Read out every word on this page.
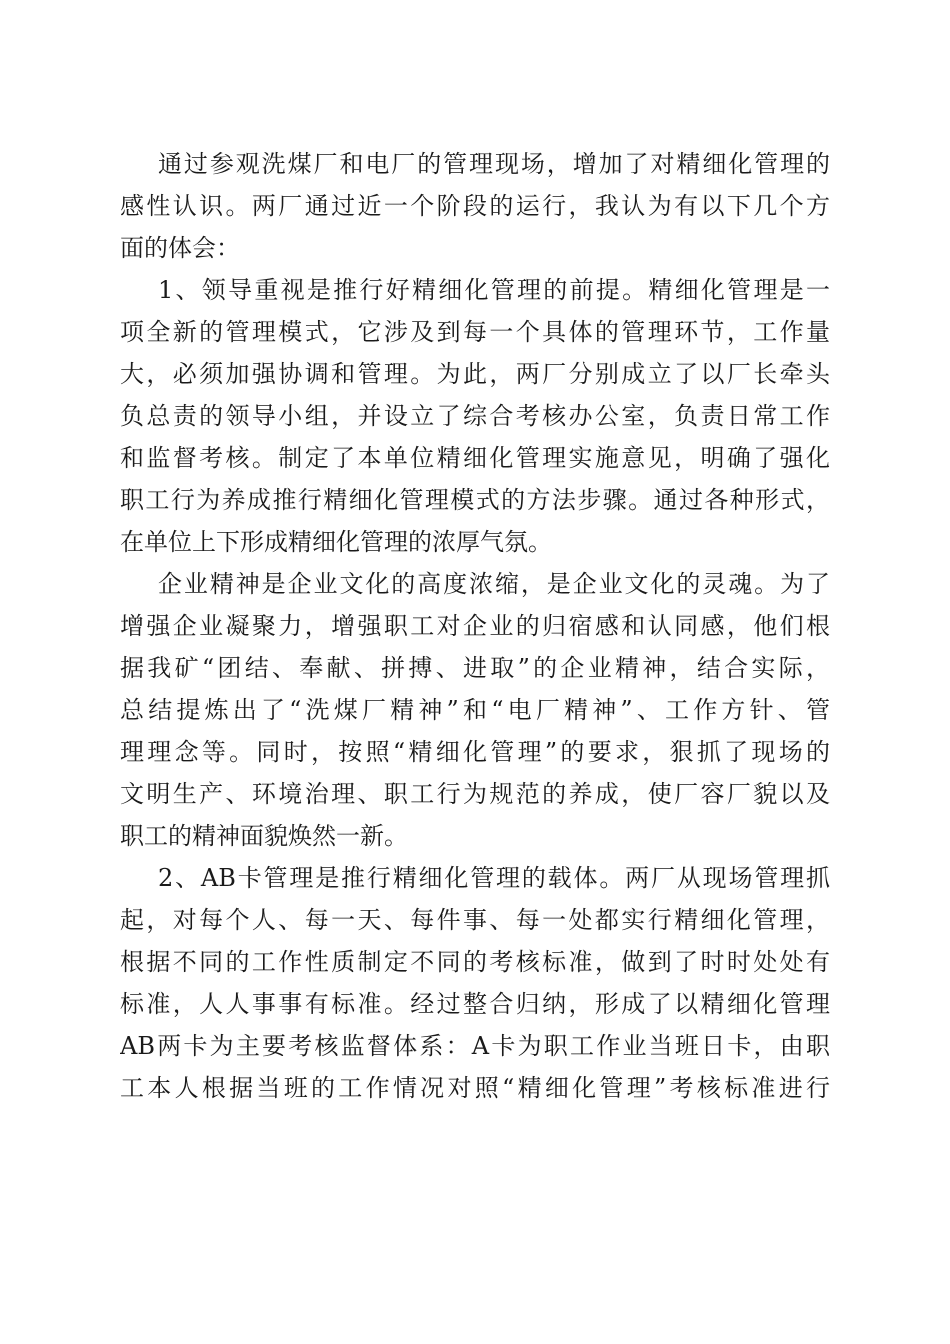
通过参观洗煤厂和电厂的管理现场，增加了对精细化管理的
感性认识。两厂通过近一个阶段的运行，我认为有以下几个方
面的体会：
1、领导重视是推行好精细化管理的前提。精细化管理是一
项全新的管理模式，它涉及到每一个具体的管理环节，工作量
大，必须加强协调和管理。为此，两厂分别成立了以厂长牵头
负总责的领导小组，并设立了综合考核办公室，负责日常工作
和监督考核。制定了本单位精细化管理实施意见，明确了强化
职工行为养成推行精细化管理模式的方法步骤。通过各种形式，
在单位上下形成精细化管理的浓厚气氛。
企业精神是企业文化的高度浓缩，是企业文化的灵魂。为了
增强企业凝聚力，增强职工对企业的归宿感和认同感，他们根
据我矿“团结、奉献、拼搏、进取”的企业精神，结合实际，
总结提炼出了“洗煤厂精神”和“电厂精神”、工作方针、管
理理念等。同时，按照“精细化管理”的要求，狠抓了现场的
文明生产、环境治理、职工行为规范的养成，使厂容厂貌以及
职工的精神面貌焕然一新。
2、AB卡管理是推行精细化管理的载体。两厂从现场管理抓
起，对每个人、每一天、每件事、每一处都实行精细化管理，
根据不同的工作性质制定不同的考核标准，做到了时时处处有
标准，人人事事有标准。经过整合归纳，形成了以精细化管理
AB两卡为主要考核监督体系：A卡为职工作业当班日卡，由职
工本人根据当班的工作情况对照“精细化管理”考核标准进行
